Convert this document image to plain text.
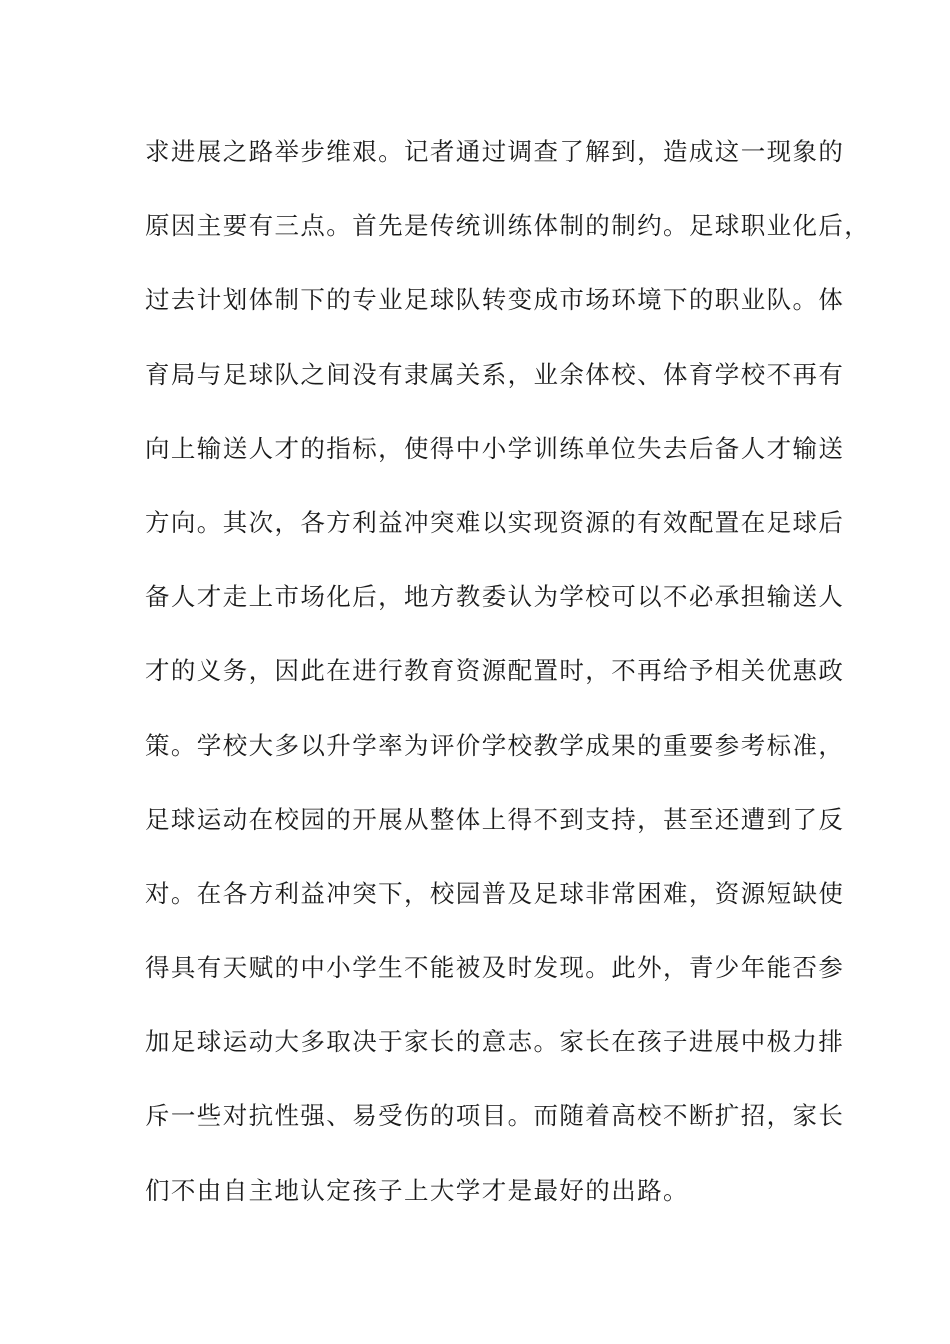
求进展之路举步维艰。记者通过调查了解到，造成这一现象的
原因主要有三点。首先是传统训练体制的制约。足球职业化后，
过去计划体制下的专业足球队转变成市场环境下的职业队。体
育局与足球队之间没有隶属关系，业余体校、体育学校不再有
向上输送人才的指标，使得中小学训练单位失去后备人才输送
方向。其次，各方利益冲突难以实现资源的有效配置在足球后
备人才走上市场化后，地方教委认为学校可以不必承担输送人
才的义务，因此在进行教育资源配置时，不再给予相关优惠政
策。学校大多以升学率为评价学校教学成果的重要参考标准，
足球运动在校园的开展从整体上得不到支持，甚至还遭到了反
对。在各方利益冲突下，校园普及足球非常困难，资源短缺使
得具有天赋的中小学生不能被及时发现。此外，青少年能否参
加足球运动大多取决于家长的意志。家长在孩子进展中极力排
斥一些对抗性强、易受伤的项目。而随着高校不断扩招，家长
们不由自主地认定孩子上大学才是最好的出路。
